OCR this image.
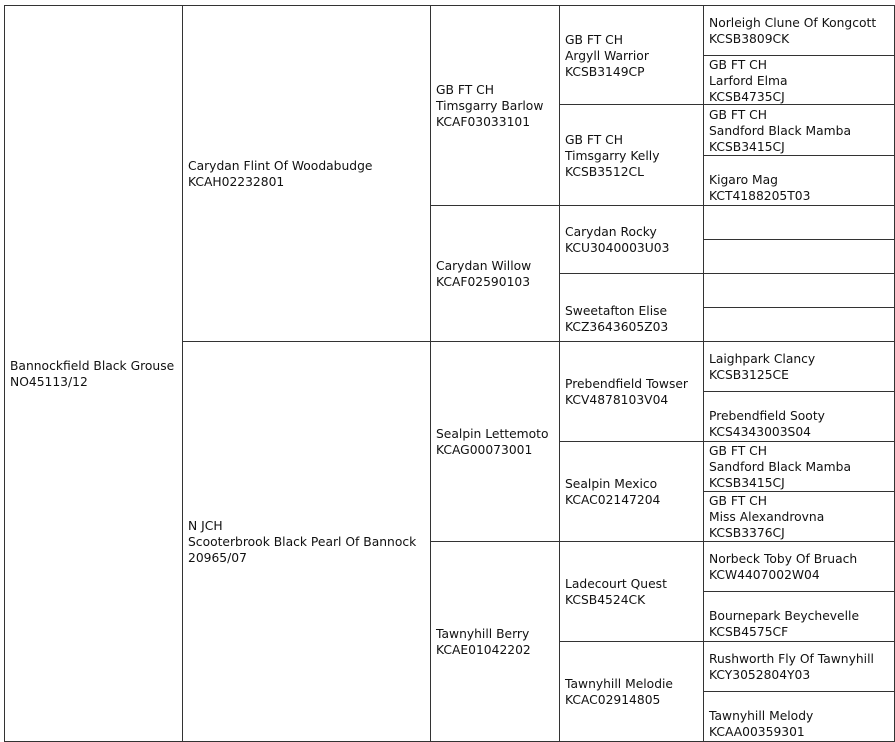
Bannockfield Black Grouse
NO45113/12
Carydan Flint Of Woodabudge
KCAH02232801
N JCH
Scooterbrook Black Pearl Of Bannock
20965/07
GB FT CH
Timsgarry Barlow
KCAF03033101
Carydan Willow
KCAF02590103
Sealpin Lettemoto
KCAG00073001
Tawnyhill Berry
KCAE01042202
GB FT CH
Argyll Warrior
KCSB3149CP
GB FT CH
Timsgarry Kelly
KCSB3512CL
Carydan Rocky
KCU3040003U03
Sweetafton Elise
KCZ3643605Z03
Prebendfield Towser
KCV4878103V04
Sealpin Mexico
KCAC02147204
Ladecourt Quest
KCSB4524CK
Tawnyhill Melodie
KCAC02914805
Norleigh Clune Of Kongcott
KCSB3809CK
GB FT CH
Larford Elma
KCSB4735CJ
GB FT CH
Sandford Black Mamba
KCSB3415CJ
Kigaro Mag
KCT4188205T03
Laighpark Clancy
KCSB3125CE
Prebendfield Sooty
KCS4343003S04
GB FT CH
Sandford Black Mamba
KCSB3415CJ
GB FT CH
Miss Alexandrovna
KCSB3376CJ
Norbeck Toby Of Bruach
KCW4407002W04
Bournepark Beychevelle
KCSB4575CF
Rushworth Fly Of Tawnyhill
KCY3052804Y03
Tawnyhill Melody
KCAA00359301
